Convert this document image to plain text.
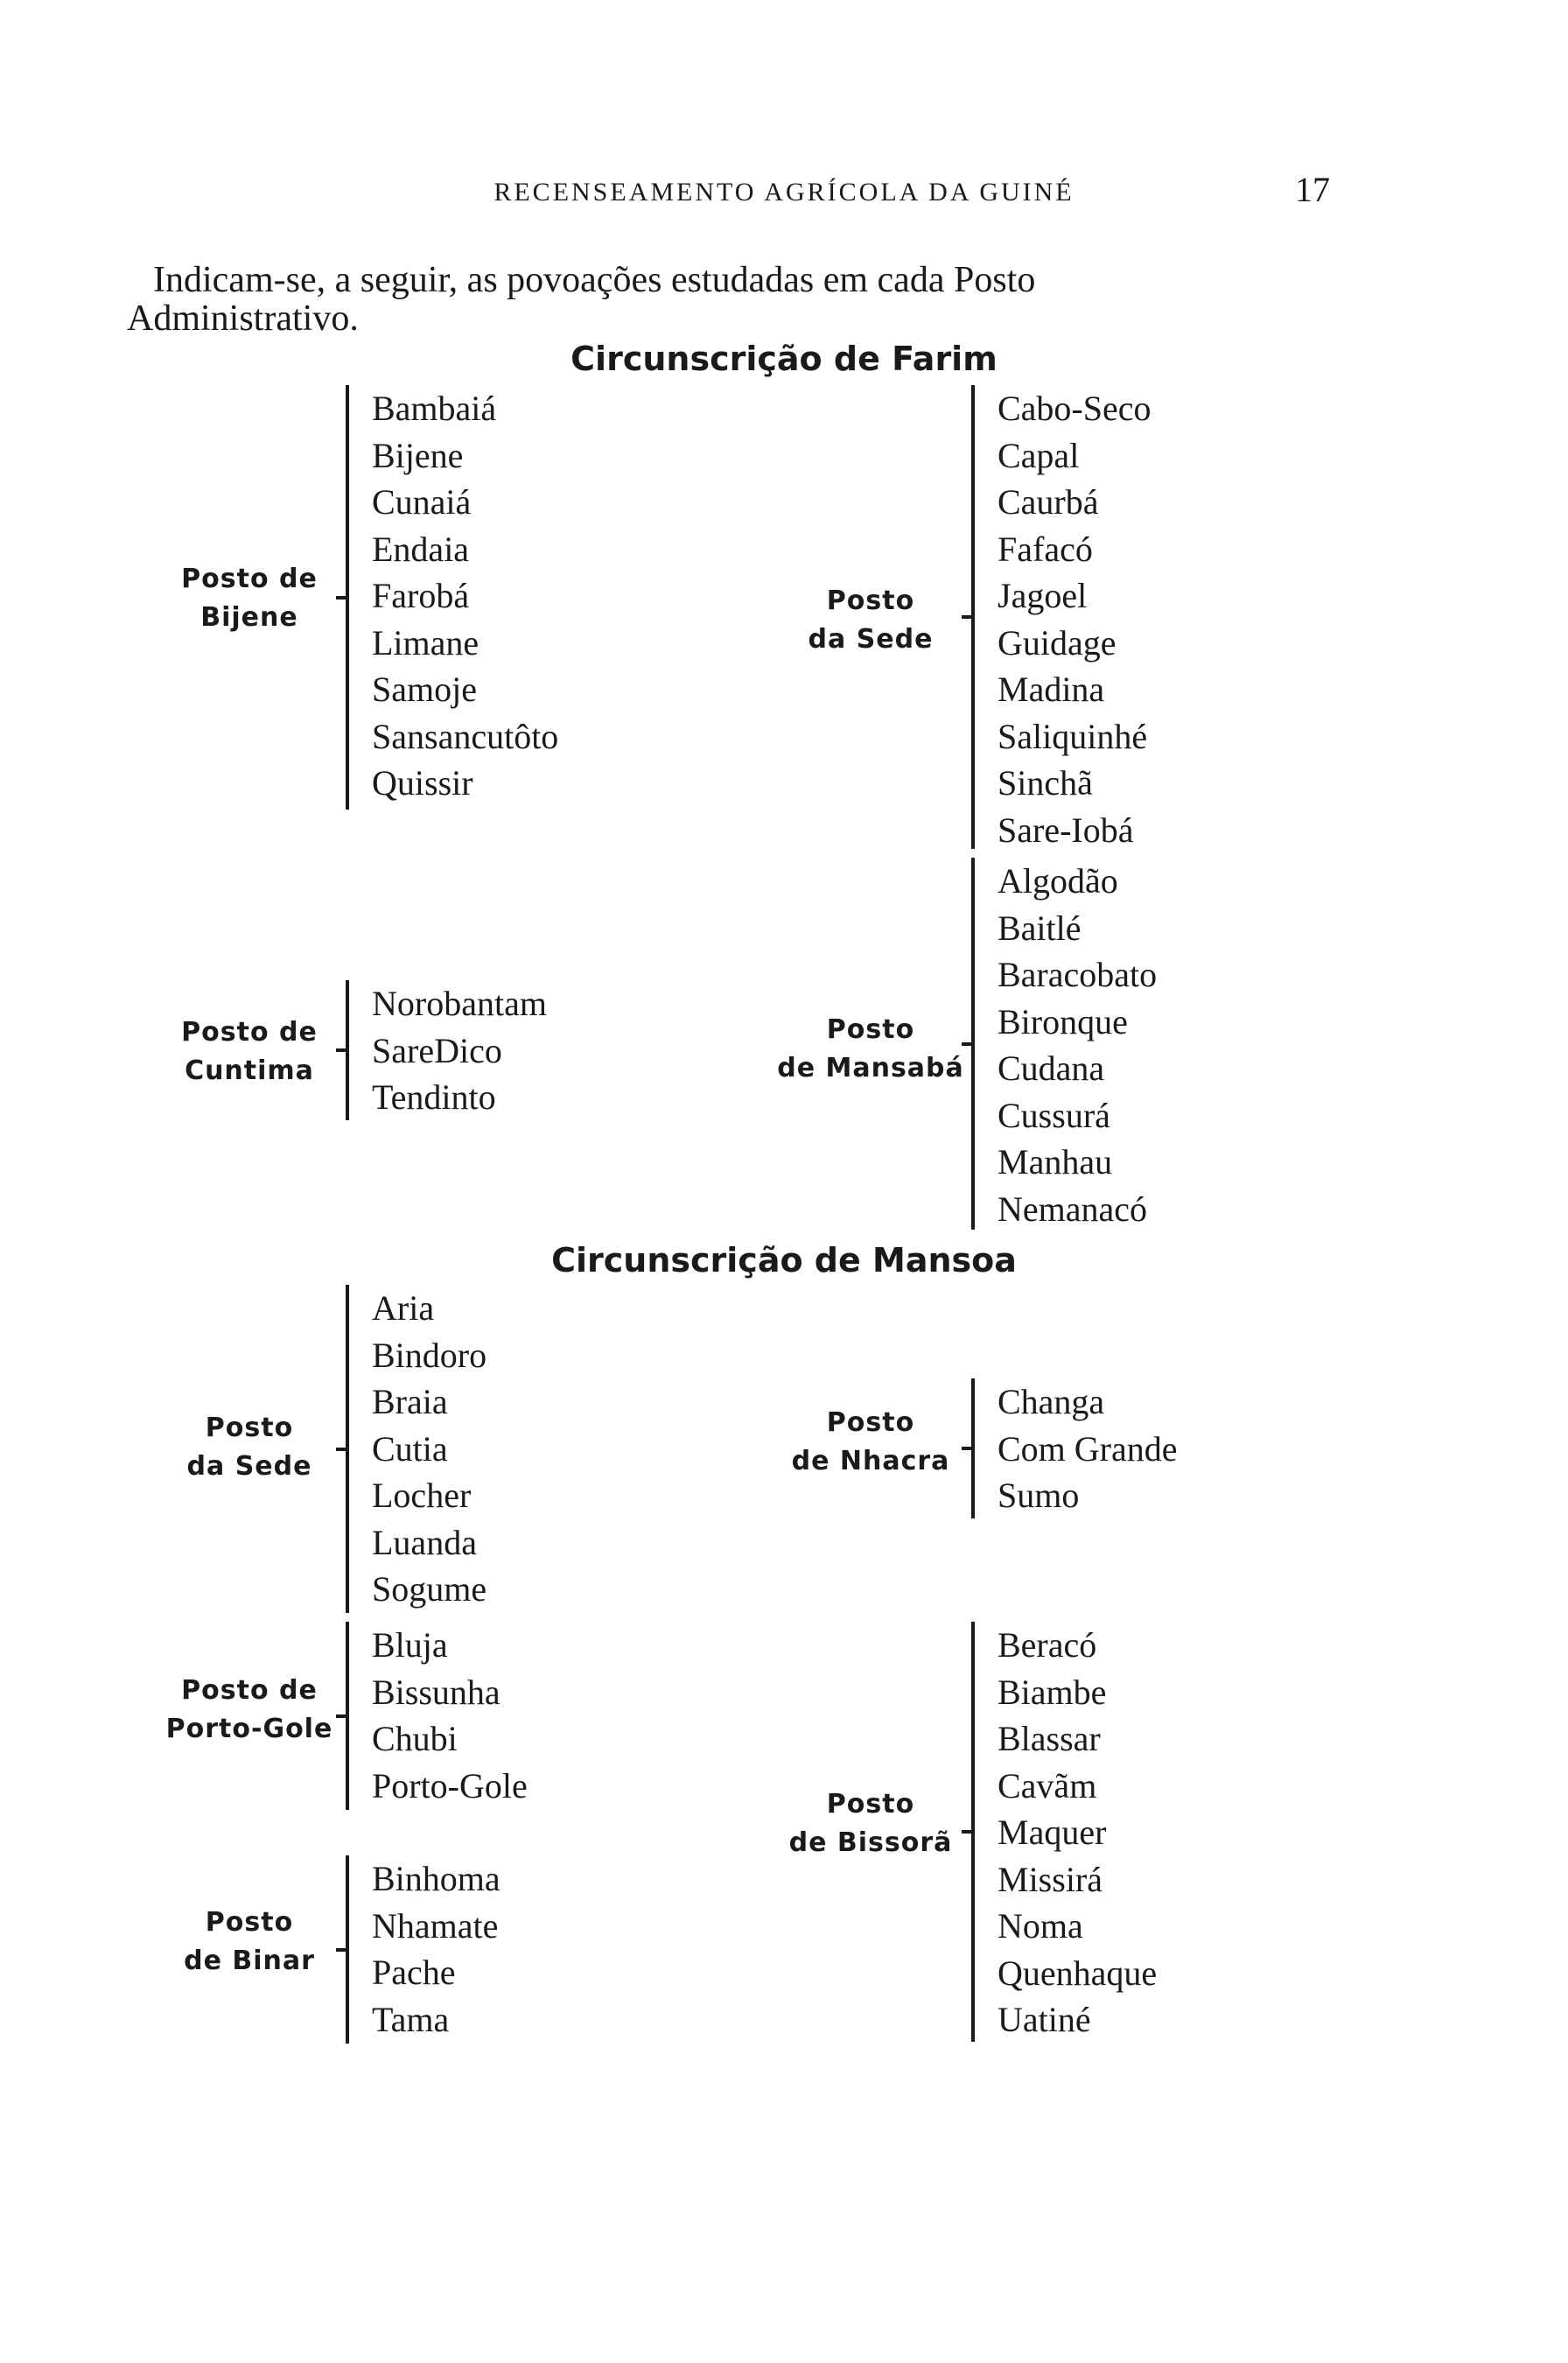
RECENSEAMENTO AGRÍCOLA DA GUINÉ	17
Indicam-se, a seguir, as povoações estudadas em cada Posto
Administrativo.
Circunscrição de Farim
Posto de
Bijene
Bambaiá
Bijene
Cunaiá
Endaia
Farobá
Limane
Samoje
Sansancutôto
Quissir
Posto
da Sede
Cabo-Seco
Capal
Caurbá
Fafacó
Jagoel
Guidage
Madina
Saliquinhé
Sinchã
Sare-Iobá
Posto de
Cuntima
Norobantam
SareDico
Tendinto
Posto
de Mansabá
Algodão
Baitlé
Baracobato
Bironque
Cudana
Cussurá
Manhau
Nemanacó
Circunscrição de Mansoa
Posto
da Sede
Aria
Bindoro
Braia
Cutia
Locher
Luanda
Sogume
Posto
de Nhacra
Changa
Com Grande
Sumo
Posto de
Porto-Gole
Bluja
Bissunha
Chubi
Porto-Gole
Posto
de Binar
Binhoma
Nhamate
Pache
Tama
Posto
de Bissorã
Beracó
Biambe
Blassar
Cavãm
Maquer
Missirá
Noma
Quenhaque
Uatiné
